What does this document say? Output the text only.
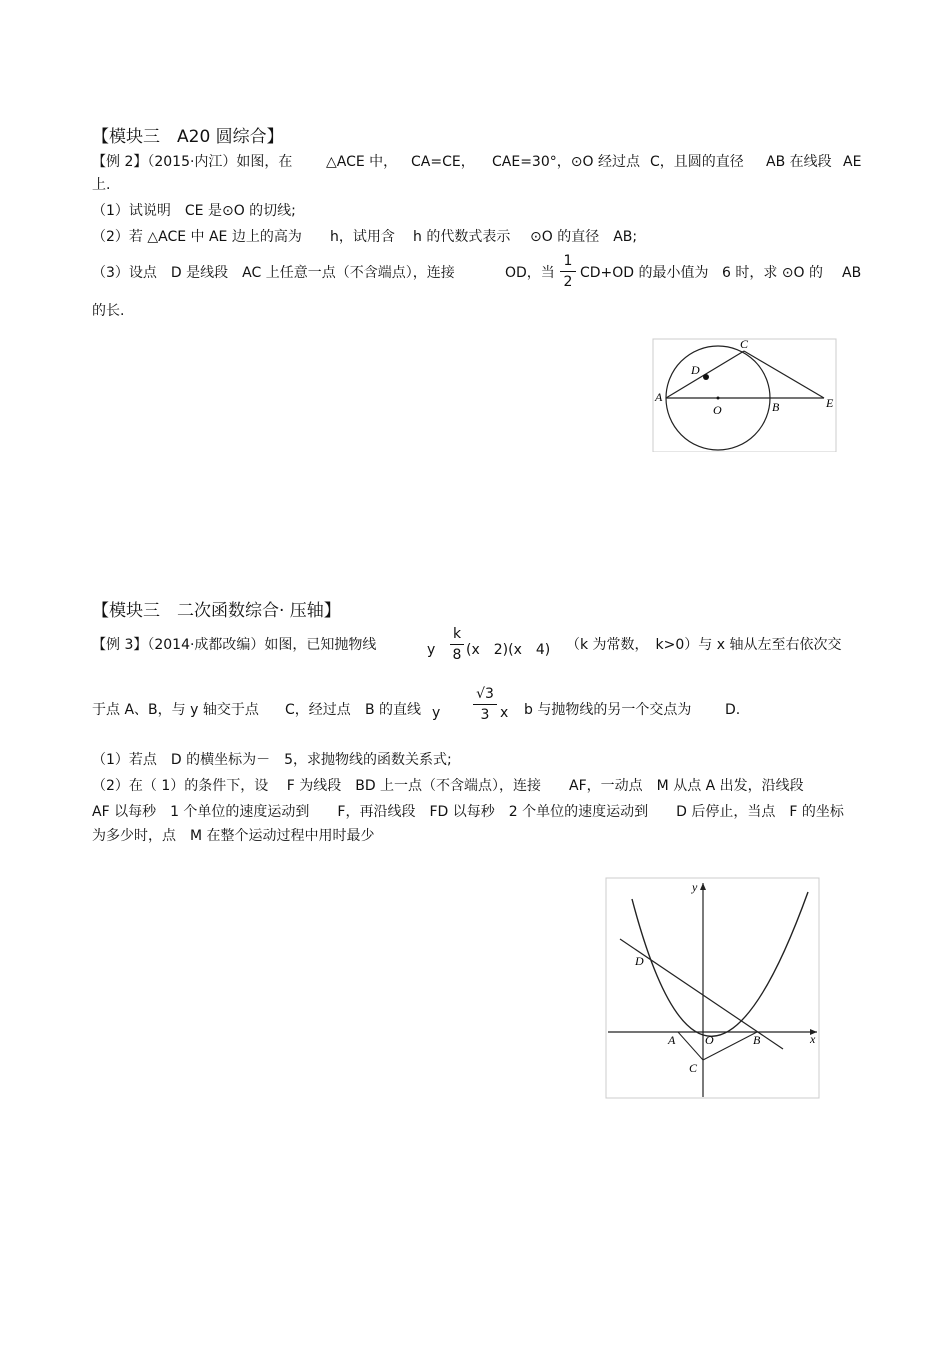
【模块三　A20 圆综合】
【例 2】（2015·内江）如图，在 △ACE 中， CA=CE， CAE=30°，⊙O 经过点 C，且圆的直径 AB 在线段 AE
上.
（1）试说明　CE 是⊙O 的切线;
（2）若 △ACE 中 AE 边上的高为 h，试用含 h 的代数式表示 ⊙O 的直径　AB;
（3）设点　D 是线段　AC 上任意一点（不含端点），连接	OD，当
1
2
CD+OD 的最小值为 6 时，求 ⊙O 的 AB
的长.
A
C
D
O	B	E
【模块三　二次函数综合· 压轴】
【例 3】（2014·成都改编）如图，已知抛物线	y
k
8 (x　2)(x　4) （k 为常数，　k>0）与 x 轴从左至右依次交
于点 A、B，与 y 轴交于点 C，经过点 B 的直线 y
√3
3 x b 与抛物线的另一个交点为 D.
（1）若点　D 的横坐标为－　5，求抛物线的函数关系式;
（2）在（ 1）的条件下，设　 F 为线段　BD 上一点（不含端点），连接　　AF，一动点　M 从点 A 出发，沿线段
AF 以每秒　1 个单位的速度运动到　　F，再沿线段　FD 以每秒　2 个单位的速度运动到　　D 后停止，当点　F 的坐标
为多少时，点　M 在整个运动过程中用时最少
y
x
D
A O	B
C
